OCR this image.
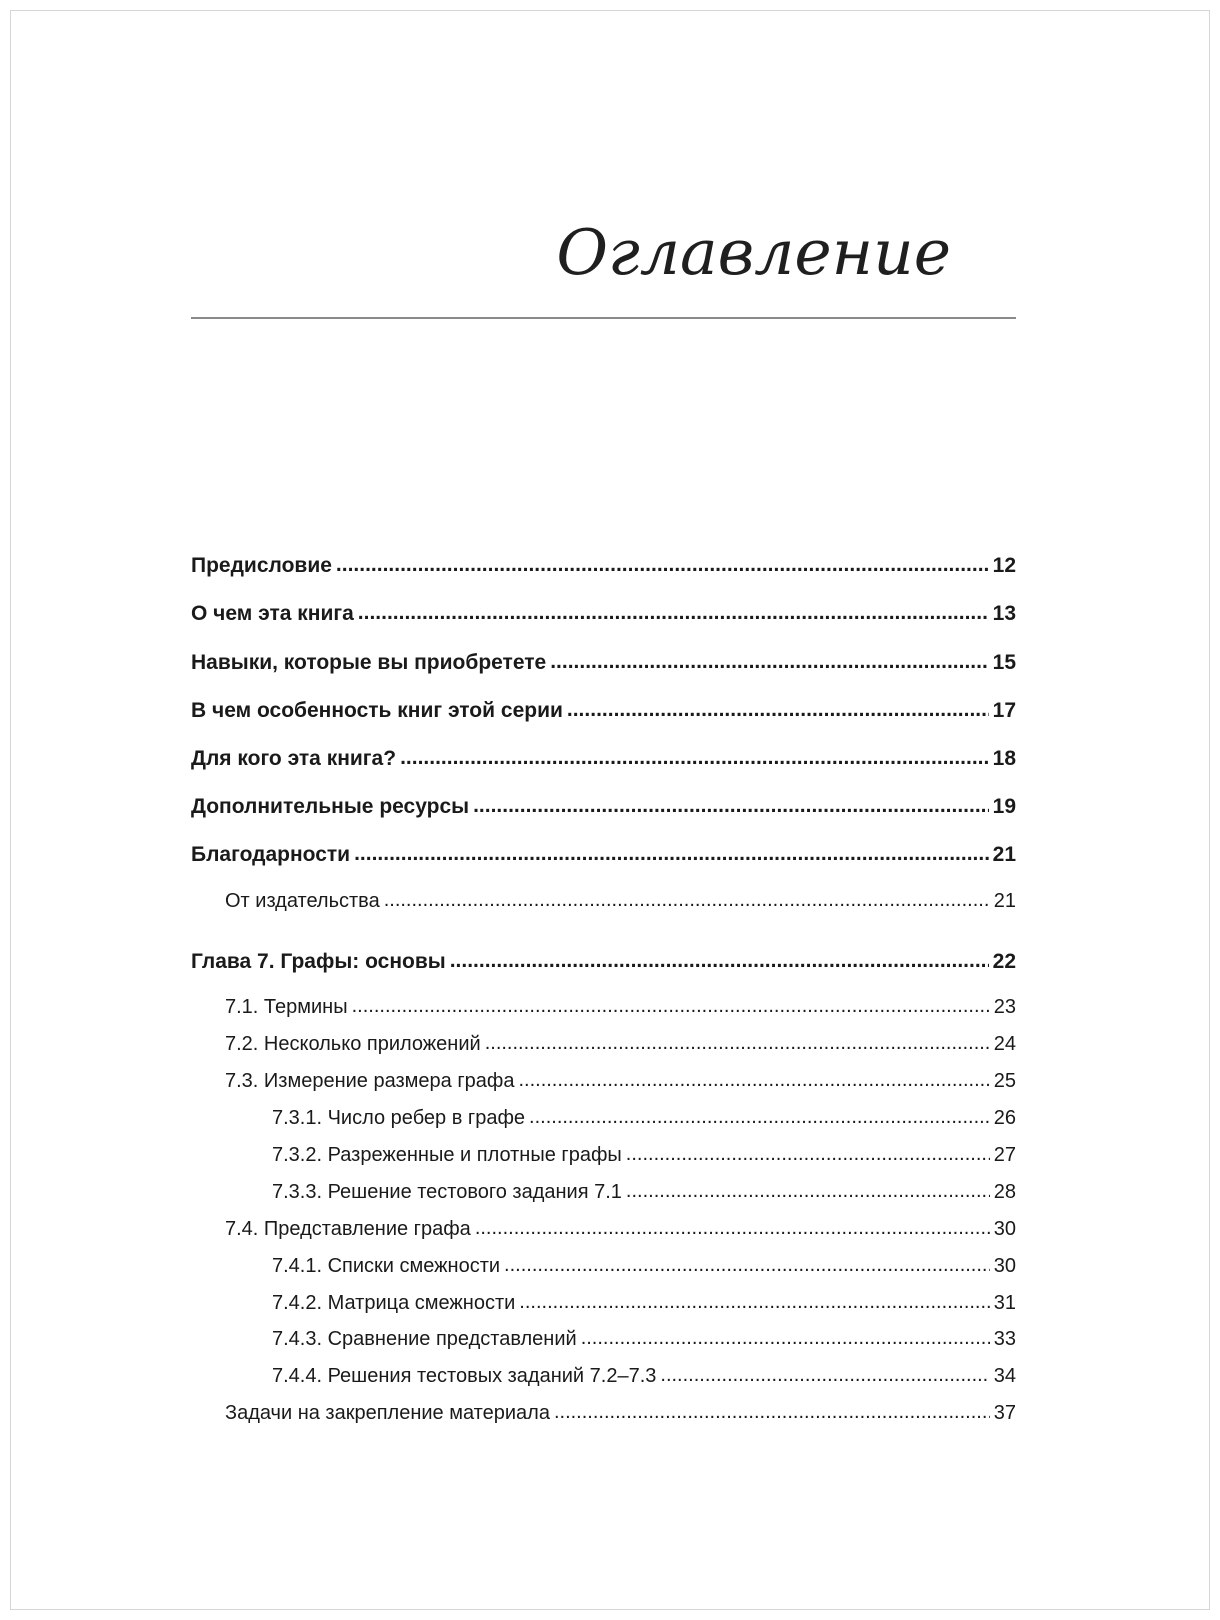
Оглавление
Предисловие .....	12
О чем эта книга .....	13
Навыки, которые вы приобретете .....	15
В чем особенность книг этой серии .....	17
Для кого эта книга? .....	18
Дополнительные ресурсы .....	19
Благодарности .....	21
От издательства .....	21
Глава 7. Графы: основы .....	22
7.1. Термины .....	23
7.2. Несколько приложений .....	24
7.3. Измерение размера графа .....	25
7.3.1. Число ребер в графе .....	26
7.3.2. Разреженные и плотные графы .....	27
7.3.3. Решение тестового задания 7.1 .....	28
7.4. Представление графа .....	30
7.4.1. Списки смежности .....	30
7.4.2. Матрица смежности .....	31
7.4.3. Сравнение представлений .....	33
7.4.4. Решения тестовых заданий 7.2–7.3 .....	34
Задачи на закрепление материала .....	37
